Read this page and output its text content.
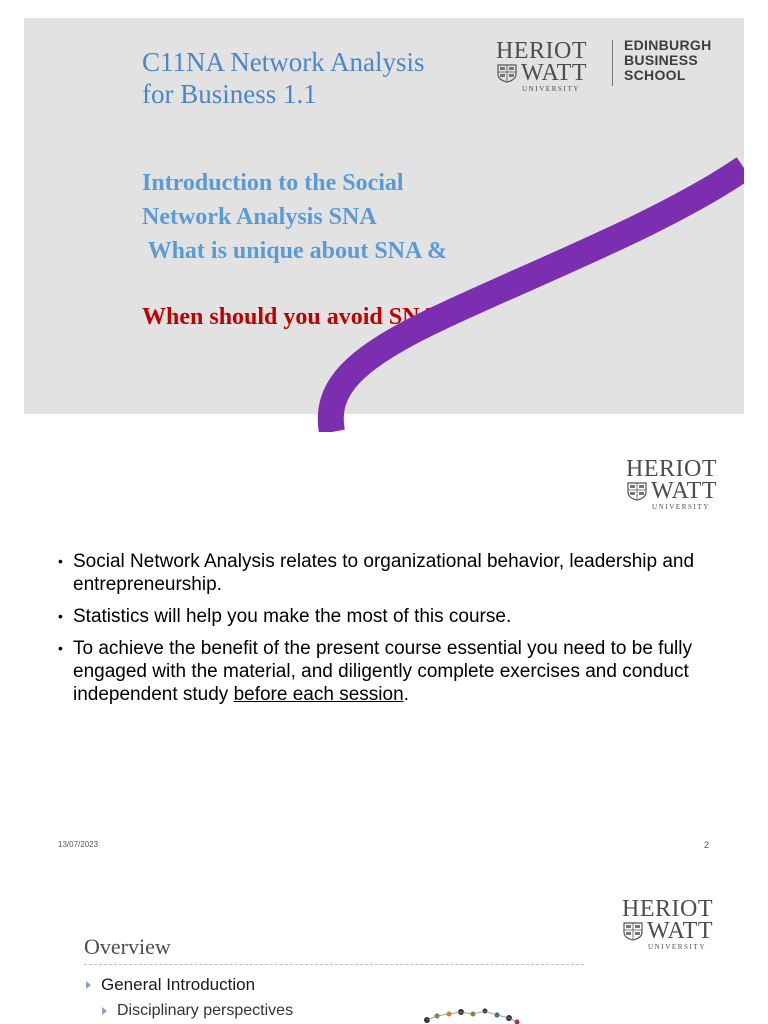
C11NA Network Analysis
for Business 1.1
Introduction to the Social
Network Analysis SNA
What is unique about SNA &
When should you avoid SNA
HERIOT
WATT
UNIVERSITY
EDINBURGH
BUSINESS
SCHOOL
HERIOT
WATT
UNIVERSITY
• Social Network Analysis relates to organizational behavior, leadership and entrepreneurship.
• Statistics will help you make the most of this course.
• To achieve the benefit of the present course essential you need to be fully engaged with the material, and diligently complete exercises and conduct independent study before each session.
13/07/2023	2
HERIOT
WATT
UNIVERSITY
Overview
General Introduction
Disciplinary perspectives
